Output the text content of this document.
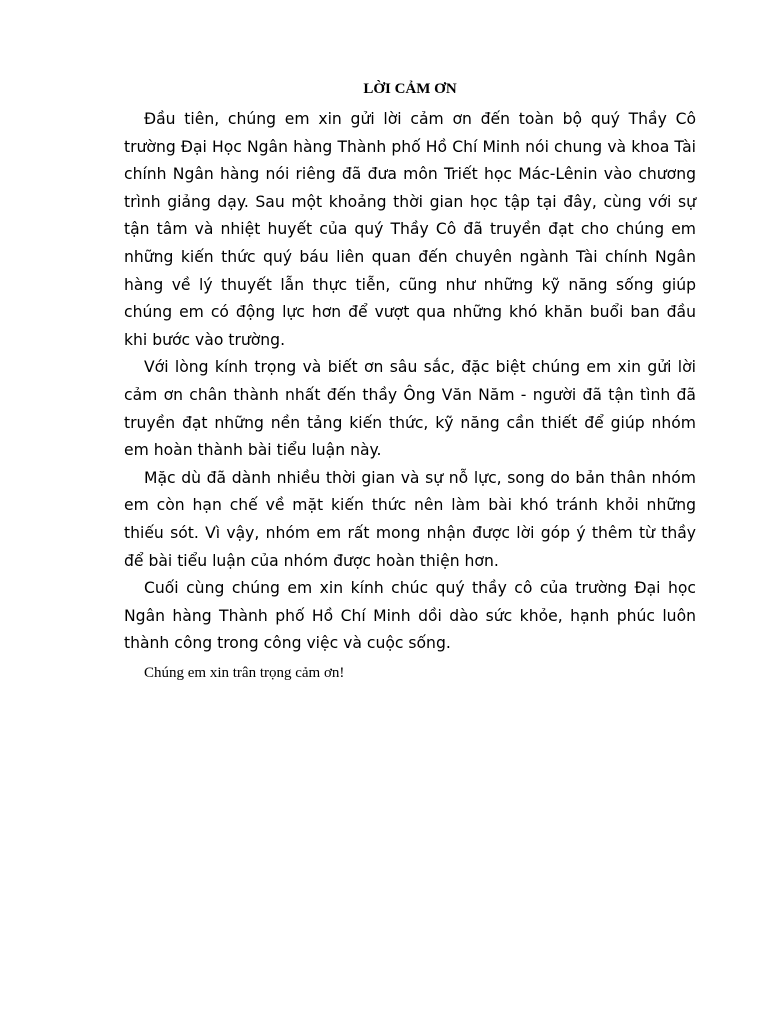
LỜI CẢM ƠN

Đầu tiên, chúng em xin gửi lời cảm ơn đến toàn bộ quý Thầy Cô trường Đại Học Ngân hàng Thành phố Hồ Chí Minh nói chung và khoa Tài chính Ngân hàng nói riêng đã đưa môn Triết học Mác-Lênin vào chương trình giảng dạy. Sau một khoảng thời gian học tập tại đây, cùng với sự tận tâm và nhiệt huyết của quý Thầy Cô đã truyền đạt cho chúng em những kiến thức quý báu liên quan đến chuyên ngành Tài chính Ngân hàng về lý thuyết lẫn thực tiễn, cũng như những kỹ năng sống giúp chúng em có động lực hơn để vượt qua những khó khăn buổi ban đầu khi bước vào trường.

Với lòng kính trọng và biết ơn sâu sắc, đặc biệt chúng em xin gửi lời cảm ơn chân thành nhất đến thầy Ông Văn Năm - người đã tận tình đã truyền đạt những nền tảng kiến thức, kỹ năng cần thiết để giúp nhóm em hoàn thành bài tiểu luận này.

Mặc dù đã dành nhiều thời gian và sự nỗ lực, song do bản thân nhóm em còn hạn chế về mặt kiến thức nên làm bài khó tránh khỏi những thiếu sót. Vì vậy, nhóm em rất mong nhận được lời góp ý thêm từ thầy để bài tiểu luận của nhóm được hoàn thiện hơn.

Cuối cùng chúng em xin kính chúc quý thầy cô của trường Đại học Ngân hàng Thành phố Hồ Chí Minh dồi dào sức khỏe, hạnh phúc luôn thành công trong công việc và cuộc sống.

Chúng em xin trân trọng cảm ơn!
